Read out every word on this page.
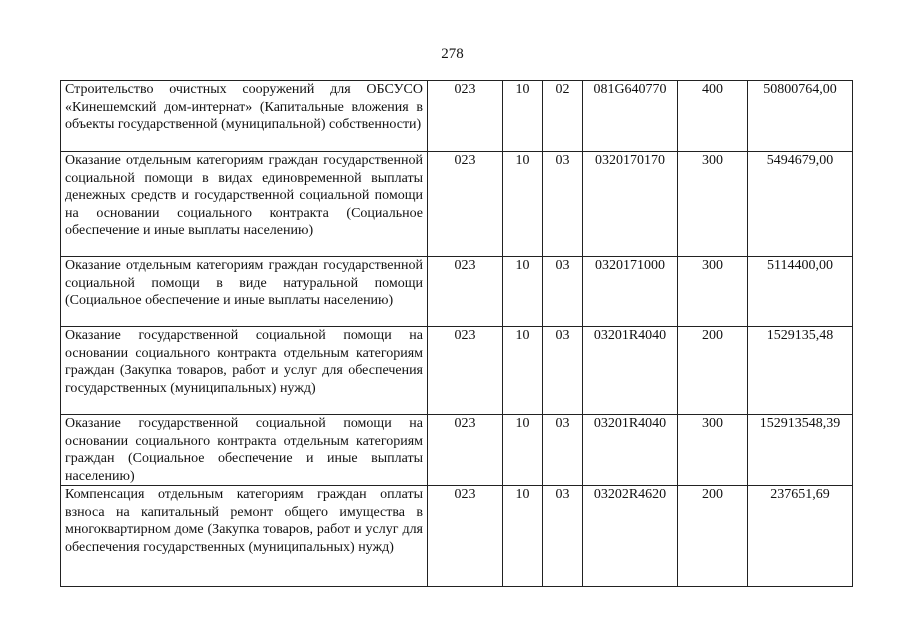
278
Строительство очистных сооружений для ОБСУСО «Кинешемский дом-интернат» (Капитальные вложения в объекты государственной (муниципальной) собственности)	023	10	02	081G640770	400	50800764,00
Оказание отдельным категориям граждан государственной социальной помощи в видах единовременной выплаты денежных средств и государственной социальной помощи на основании социального контракта (Социальное обеспечение и иные выплаты населению)	023	10	03	0320170170	300	5494679,00
Оказание отдельным категориям граждан государственной социальной помощи в виде натуральной помощи (Социальное обеспечение и иные выплаты населению)	023	10	03	0320171000	300	5114400,00
Оказание государственной социальной помощи на основании социального контракта отдельным категориям граждан (Закупка товаров, работ и услуг для обеспечения государственных (муниципальных) нужд)	023	10	03	03201R4040	200	1529135,48
Оказание государственной социальной помощи на основании социального контракта отдельным категориям граждан (Социальное обеспечение и иные выплаты населению)	023	10	03	03201R4040	300	152913548,39
Компенсация отдельным категориям граждан оплаты взноса на капитальный ремонт общего имущества в многоквартирном доме (Закупка товаров, работ и услуг для обеспечения государственных (муниципальных) нужд)	023	10	03	03202R4620	200	237651,69
